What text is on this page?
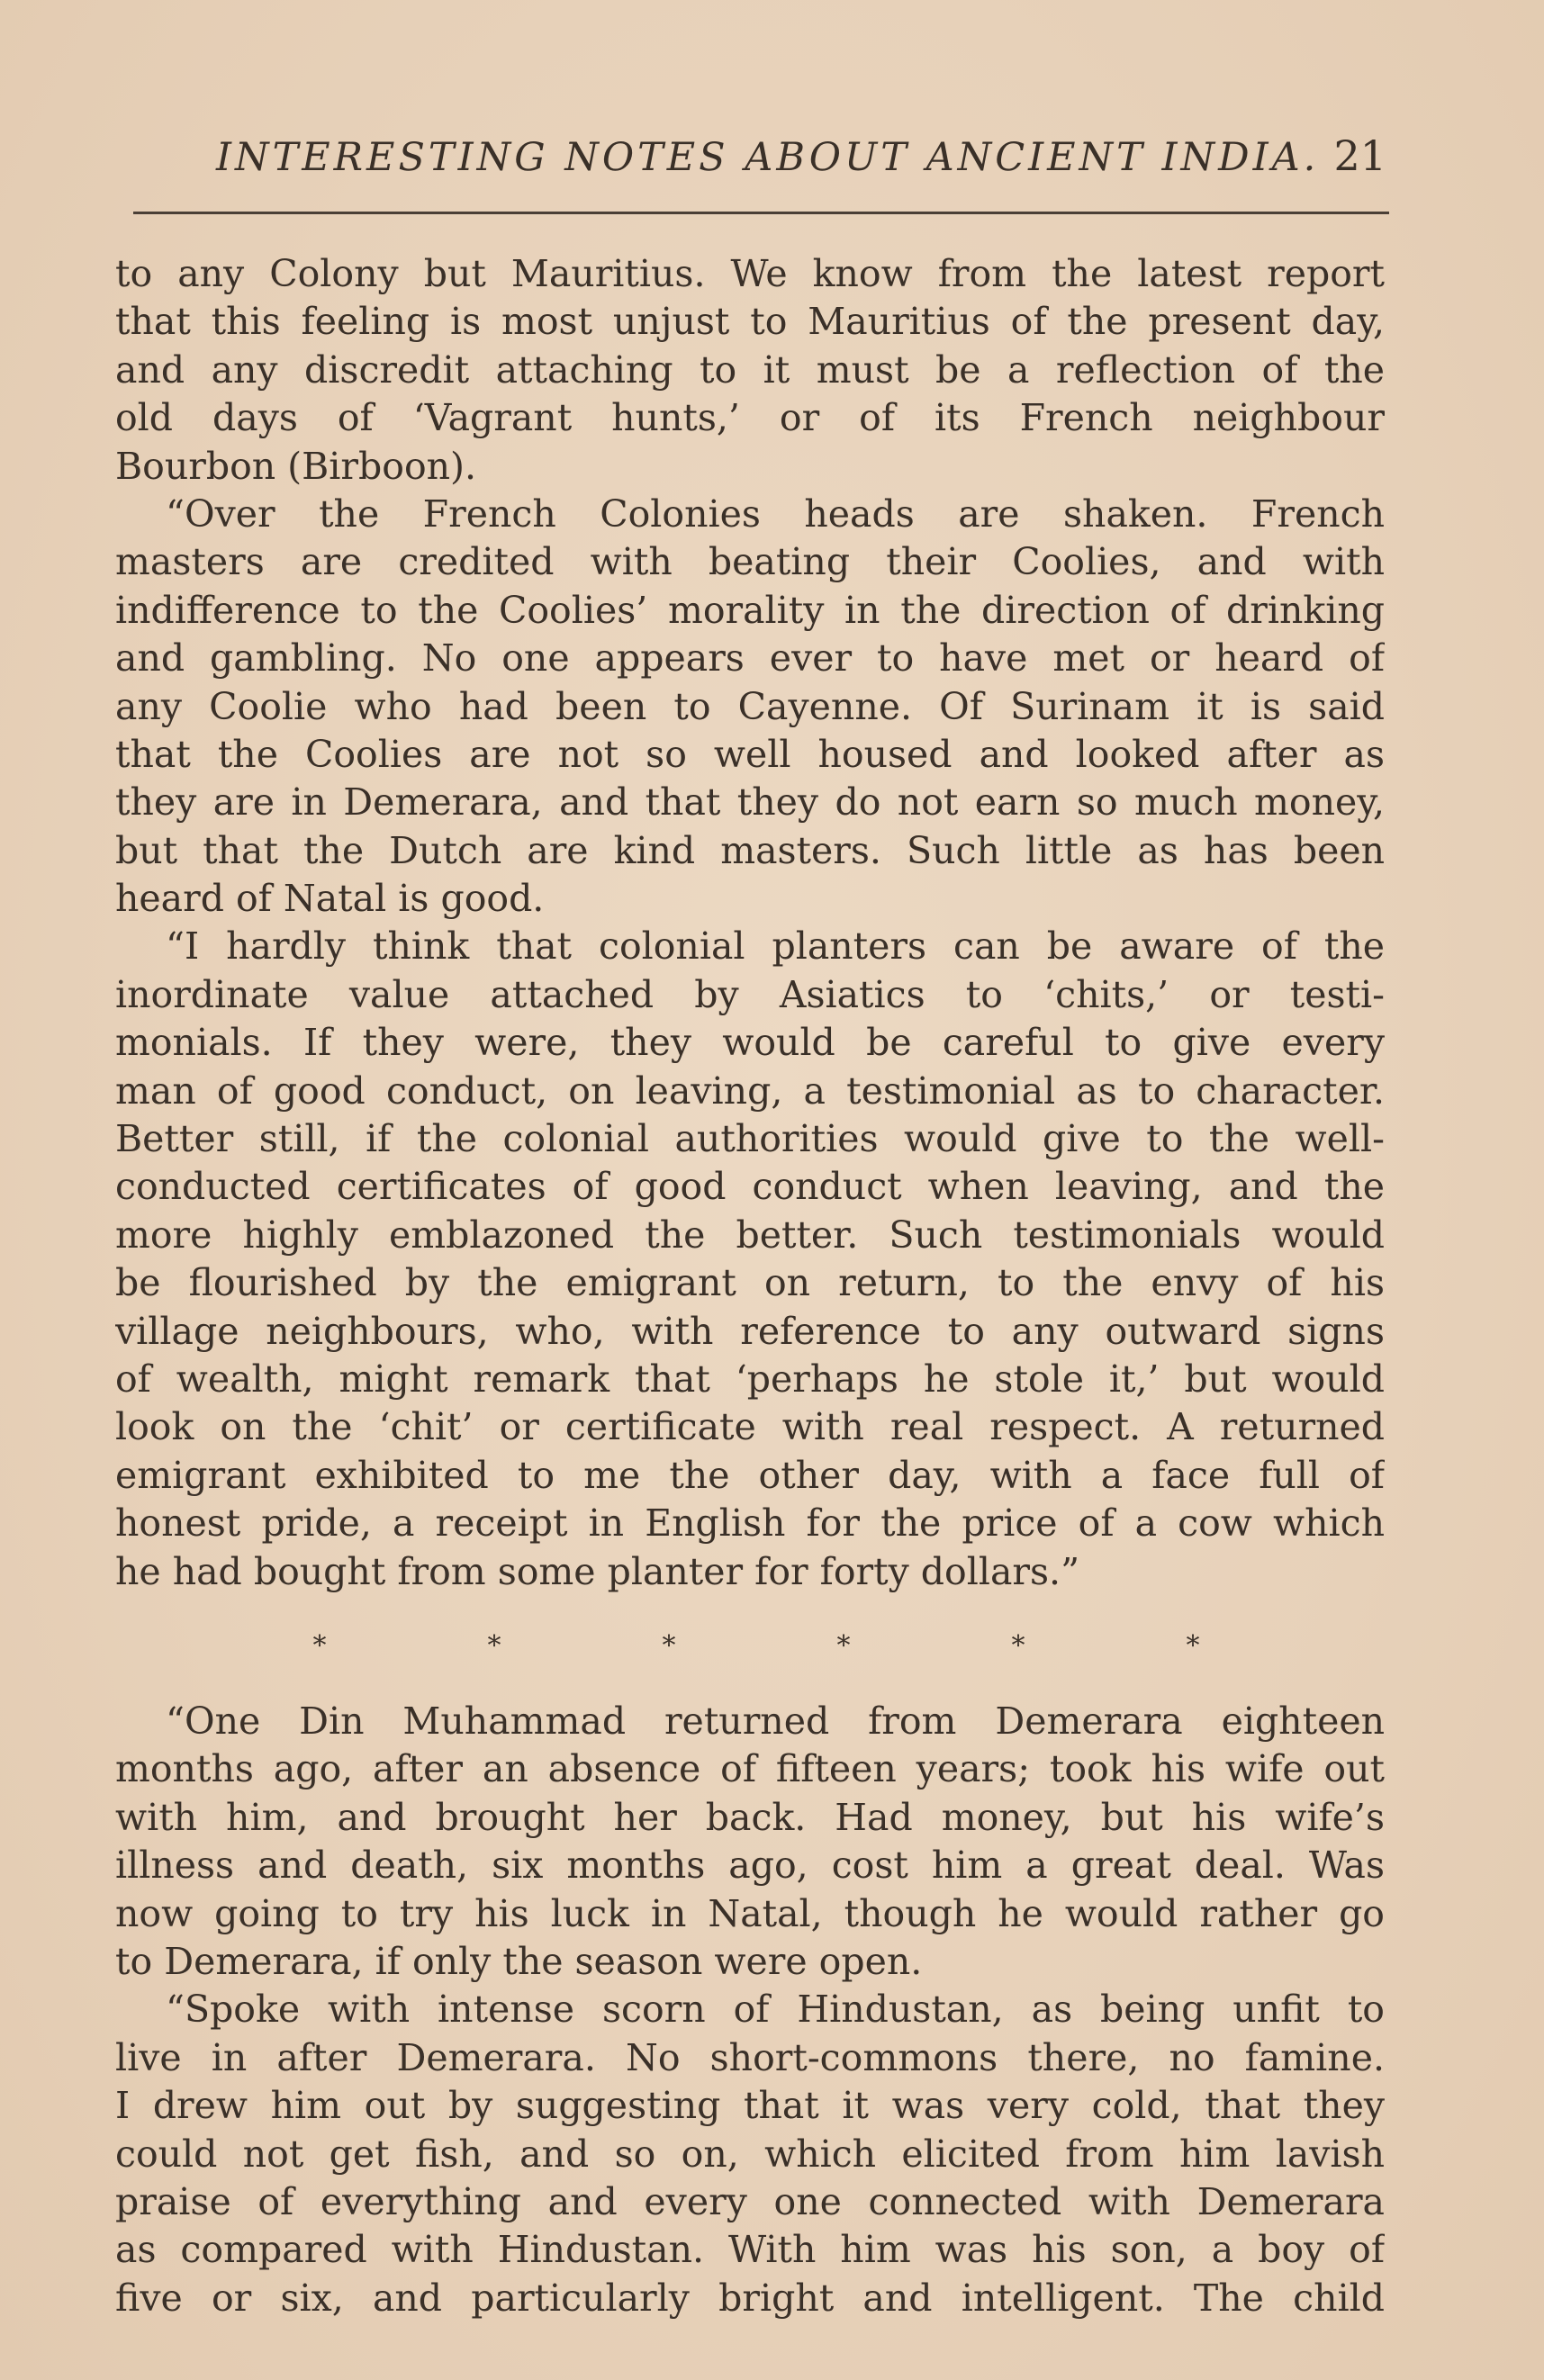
INTERESTING NOTES ABOUT ANCIENT INDIA. 21
to any Colony but Mauritius. We know from the latest report
that this feeling is most unjust to Mauritius of the present day,
and any discredit attaching to it must be a reflection of the
old days of ‘Vagrant hunts,’ or of its French neighbour
Bourbon (Birboon).
“Over the French Colonies heads are shaken. French
masters are credited with beating their Coolies, and with
indifference to the Coolies’ morality in the direction of drinking
and gambling. No one appears ever to have met or heard of
any Coolie who had been to Cayenne. Of Surinam it is said
that the Coolies are not so well housed and looked after as
they are in Demerara, and that they do not earn so much money,
but that the Dutch are kind masters. Such little as has been
heard of Natal is good.
“I hardly think that colonial planters can be aware of the
inordinate value attached by Asiatics to ‘chits,’ or testi-
monials. If they were, they would be careful to give every
man of good conduct, on leaving, a testimonial as to character.
Better still, if the colonial authorities would give to the well-
conducted certificates of good conduct when leaving, and the
more highly emblazoned the better. Such testimonials would
be flourished by the emigrant on return, to the envy of his
village neighbours, who, with reference to any outward signs
of wealth, might remark that ‘perhaps he stole it,’ but would
look on the ‘chit’ or certificate with real respect. A returned
emigrant exhibited to me the other day, with a face full of
honest pride, a receipt in English for the price of a cow which
he had bought from some planter for forty dollars.”
*	*	*	*	*	*
“One Din Muhammad returned from Demerara eighteen
months ago, after an absence of fifteen years; took his wife out
with him, and brought her back. Had money, but his wife’s
illness and death, six months ago, cost him a great deal. Was
now going to try his luck in Natal, though he would rather go
to Demerara, if only the season were open.
“Spoke with intense scorn of Hindustan, as being unfit to
live in after Demerara. No short-commons there, no famine.
I drew him out by suggesting that it was very cold, that they
could not get fish, and so on, which elicited from him lavish
praise of everything and every one connected with Demerara
as compared with Hindustan. With him was his son, a boy of
five or six, and particularly bright and intelligent. The child
